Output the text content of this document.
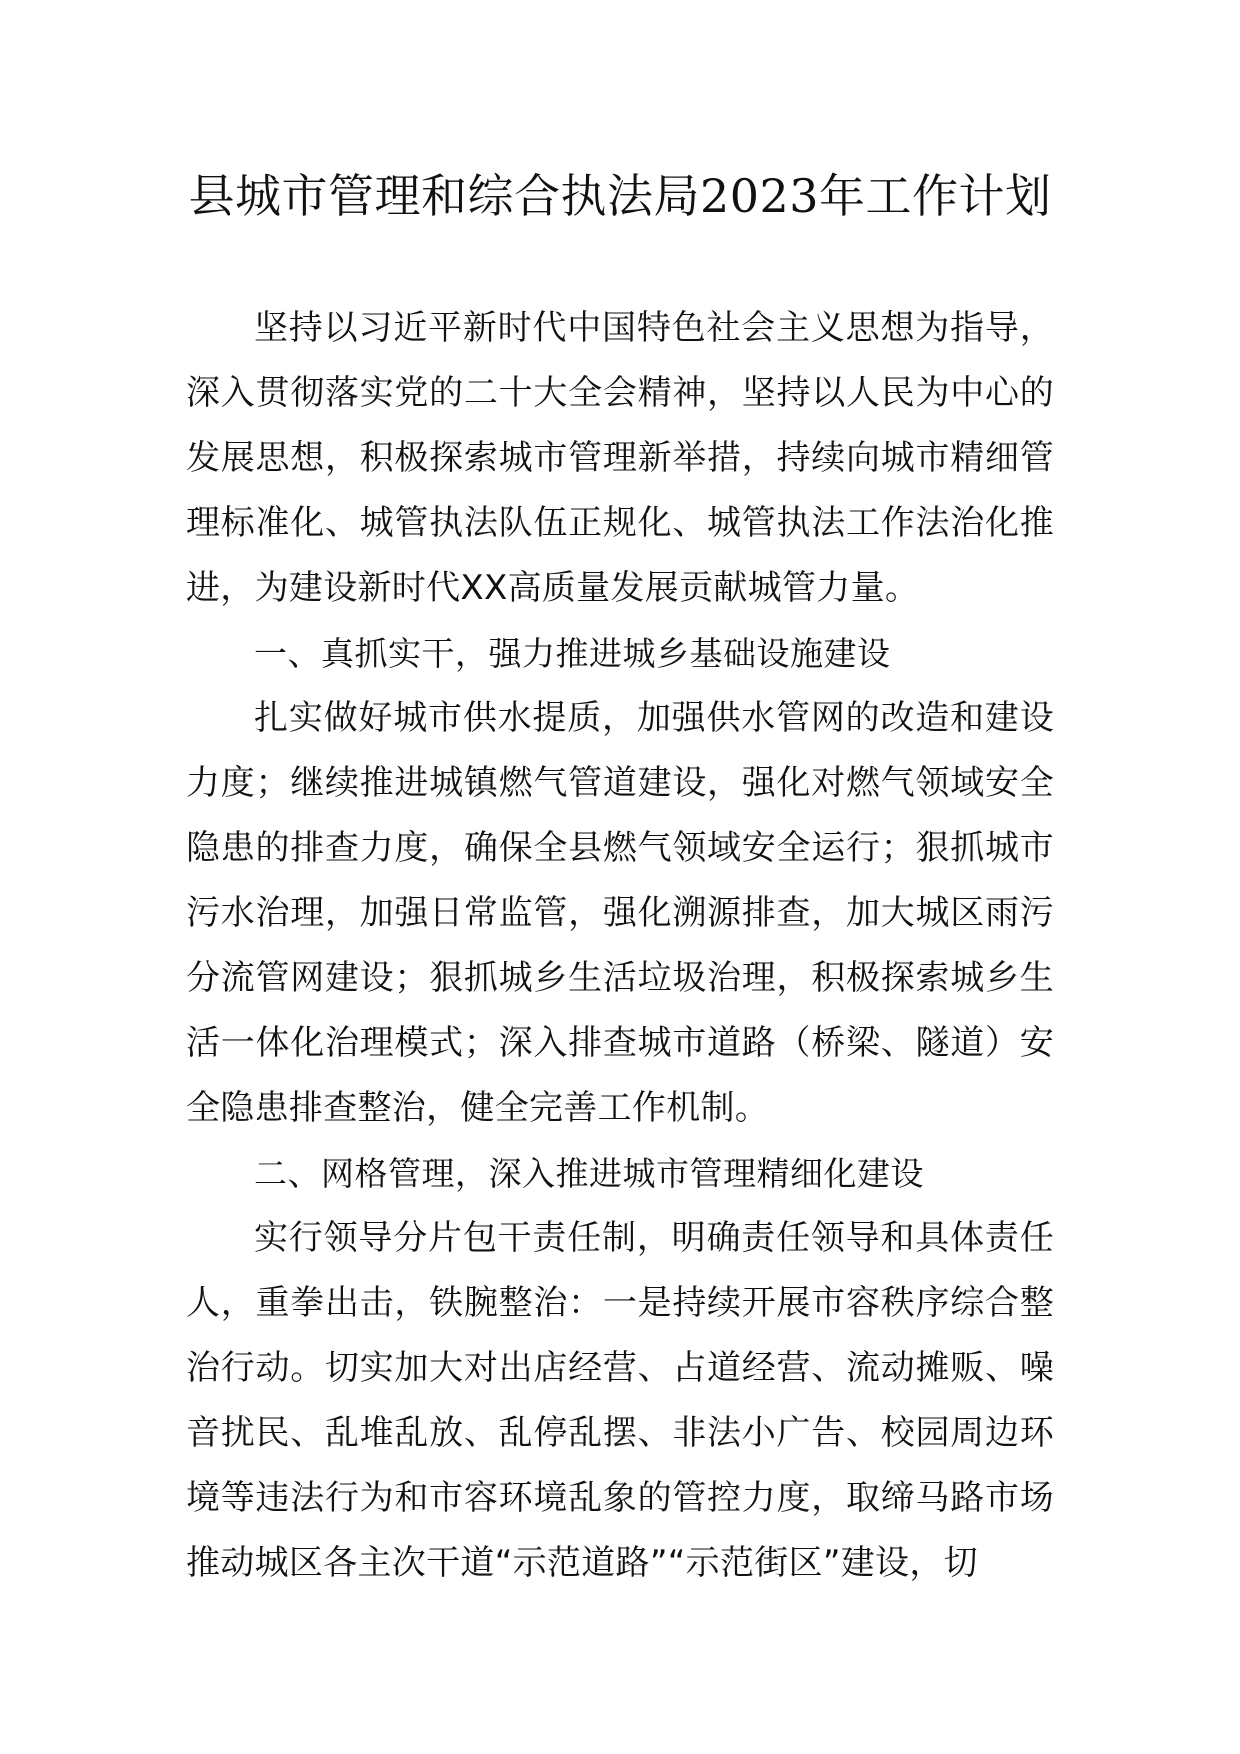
县城市管理和综合执法局2023年工作计划

坚持以习近平新时代中国特色社会主义思想为指导，深入贯彻落实党的二十大全会精神，坚持以人民为中心的发展思想，积极探索城市管理新举措，持续向城市精细管理标准化、城管执法队伍正规化、城管执法工作法治化推进，为建设新时代XX高质量发展贡献城管力量。

一、真抓实干，强力推进城乡基础设施建设

扎实做好城市供水提质，加强供水管网的改造和建设力度；继续推进城镇燃气管道建设，强化对燃气领域安全隐患的排查力度，确保全县燃气领域安全运行；狠抓城市污水治理，加强日常监管，强化溯源排查，加大城区雨污分流管网建设；狠抓城乡生活垃圾治理，积极探索城乡生活一体化治理模式；深入排查城市道路（桥梁、隧道）安全隐患排查整治，健全完善工作机制。

二、网格管理，深入推进城市管理精细化建设

实行领导分片包干责任制，明确责任领导和具体责任人，重拳出击，铁腕整治：一是持续开展市容秩序综合整治行动。切实加大对出店经营、占道经营、流动摊贩、噪音扰民、乱堆乱放、乱停乱摆、非法小广告、校园周边环境等违法行为和市容环境乱象的管控力度，取缔马路市场推动城区各主次干道“示范道路”“示范街区”建设，切
